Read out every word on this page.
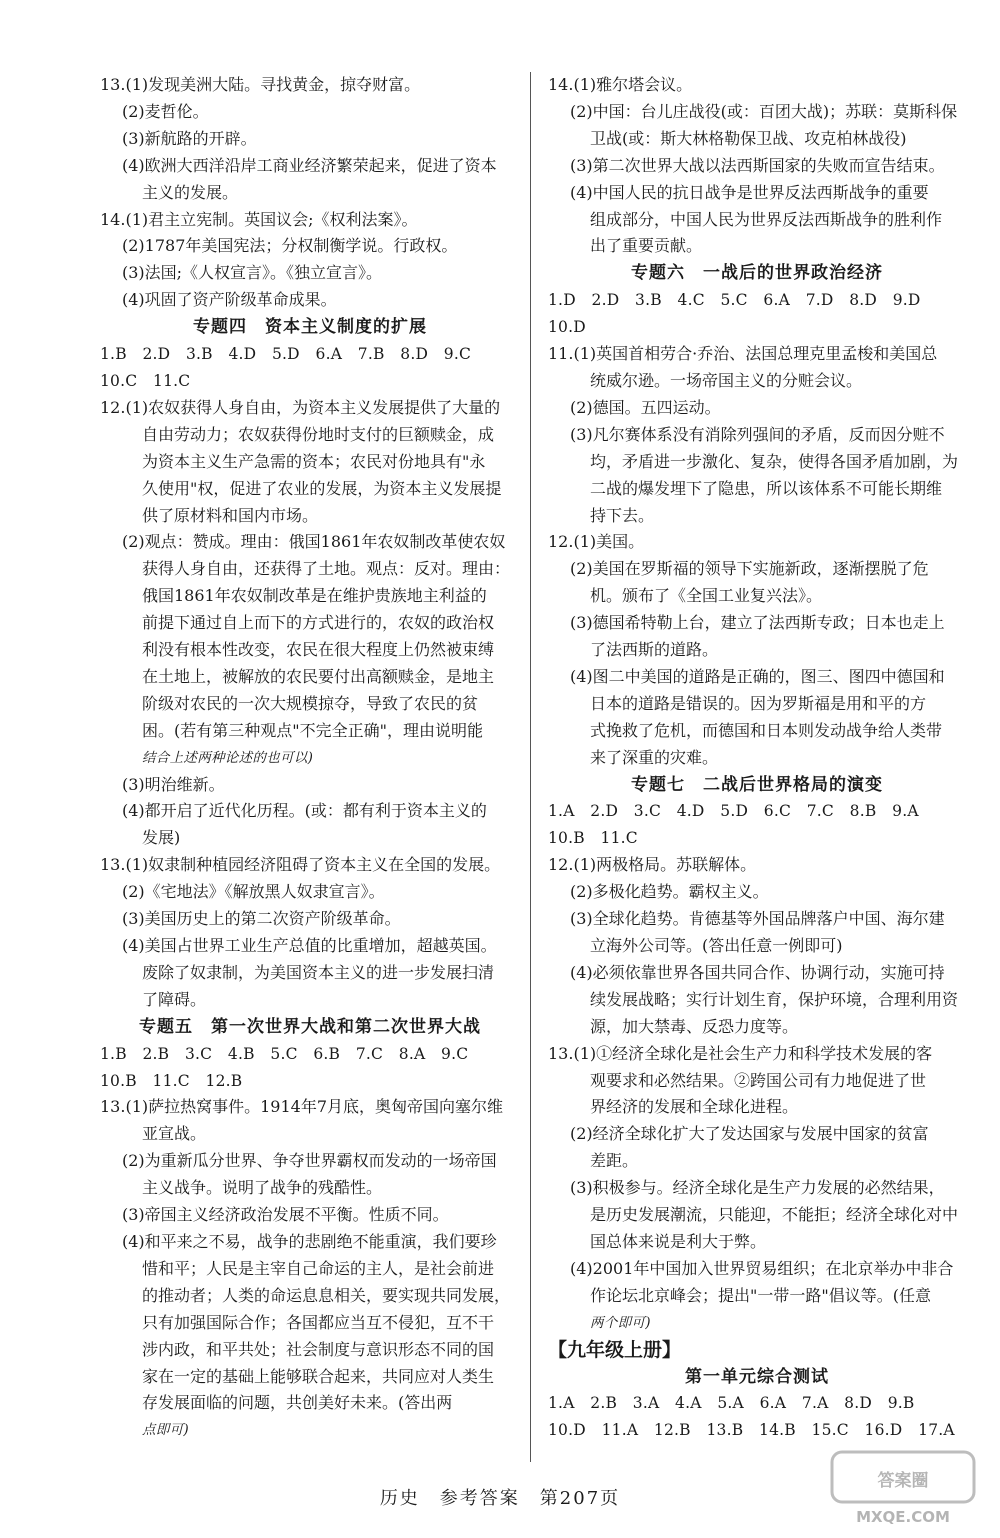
13.(1)发现美洲大陆。寻找黄金，掠夺财富。
(2)麦哲伦。
(3)新航路的开辟。
(4)欧洲大西洋沿岸工商业经济繁荣起来，促进了资本
主义的发展。
14.(1)君主立宪制。英国议会;《权利法案》。
(2)1787年美国宪法；分权制衡学说。行政权。
(3)法国;《人权宣言》。《独立宣言》。
(4)巩固了资产阶级革命成果。
专题四　资本主义制度的扩展
1.B　2.D　3.B　4.D　5.D　6.A　7.B　8.D　9.C
10.C　11.C
12.(1)农奴获得人身自由，为资本主义发展提供了大量的
自由劳动力；农奴获得份地时支付的巨额赎金，成
为资本主义生产急需的资本；农民对份地具有"永
久使用"权，促进了农业的发展，为资本主义发展提
供了原材料和国内市场。
(2)观点：赞成。理由：俄国1861年农奴制改革使农奴
获得人身自由，还获得了土地。观点：反对。理由：
俄国1861年农奴制改革是在维护贵族地主利益的
前提下通过自上而下的方式进行的，农奴的政治权
利没有根本性改变，农民在很大程度上仍然被束缚
在土地上，被解放的农民要付出高额赎金，是地主
阶级对农民的一次大规模掠夺，导致了农民的贫
困。(若有第三种观点"不完全正确"，理由说明能
结合上述两种论述的也可以)
(3)明治维新。
(4)都开启了近代化历程。(或：都有利于资本主义的
发展)
13.(1)奴隶制种植园经济阻碍了资本主义在全国的发展。
(2)《宅地法》《解放黑人奴隶宣言》。
(3)美国历史上的第二次资产阶级革命。
(4)美国占世界工业生产总值的比重增加，超越英国。
废除了奴隶制，为美国资本主义的进一步发展扫清
了障碍。
专题五　第一次世界大战和第二次世界大战
1.B　2.B　3.C　4.B　5.C　6.B　7.C　8.A　9.C
10.B　11.C　12.B
13.(1)萨拉热窝事件。1914年7月底，奥匈帝国向塞尔维
亚宣战。
(2)为重新瓜分世界、争夺世界霸权而发动的一场帝国
主义战争。说明了战争的残酷性。
(3)帝国主义经济政治发展不平衡。性质不同。
(4)和平来之不易，战争的悲剧绝不能重演，我们要珍
惜和平；人民是主宰自己命运的主人，是社会前进
的推动者；人类的命运息息相关，要实现共同发展，
只有加强国际合作；各国都应当互不侵犯，互不干
涉内政，和平共处；社会制度与意识形态不同的国
家在一定的基础上能够联合起来，共同应对人类生
存发展面临的问题，共创美好未来。(答出两
点即可)
14.(1)雅尔塔会议。
(2)中国：台儿庄战役(或：百团大战)；苏联：莫斯科保
卫战(或：斯大林格勒保卫战、攻克柏林战役)
(3)第二次世界大战以法西斯国家的失败而宣告结束。
(4)中国人民的抗日战争是世界反法西斯战争的重要
组成部分，中国人民为世界反法西斯战争的胜利作
出了重要贡献。
专题六　一战后的世界政治经济
1.D　2.D　3.B　4.C　5.C　6.A　7.D　8.D　9.D
10.D
11.(1)英国首相劳合·乔治、法国总理克里孟梭和美国总
统威尔逊。一场帝国主义的分赃会议。
(2)德国。五四运动。
(3)凡尔赛体系没有消除列强间的矛盾，反而因分赃不
均，矛盾进一步激化、复杂，使得各国矛盾加剧，为
二战的爆发埋下了隐患，所以该体系不可能长期维
持下去。
12.(1)美国。
(2)美国在罗斯福的领导下实施新政，逐渐摆脱了危
机。颁布了《全国工业复兴法》。
(3)德国希特勒上台，建立了法西斯专政；日本也走上
了法西斯的道路。
(4)图二中美国的道路是正确的，图三、图四中德国和
日本的道路是错误的。因为罗斯福是用和平的方
式挽救了危机，而德国和日本则发动战争给人类带
来了深重的灾难。
专题七　二战后世界格局的演变
1.A　2.D　3.C　4.D　5.D　6.C　7.C　8.B　9.A
10.B　11.C
12.(1)两极格局。苏联解体。
(2)多极化趋势。霸权主义。
(3)全球化趋势。肯德基等外国品牌落户中国、海尔建
立海外公司等。(答出任意一例即可)
(4)必须依靠世界各国共同合作、协调行动，实施可持
续发展战略；实行计划生育，保护环境，合理利用资
源，加大禁毒、反恐力度等。
13.(1)①经济全球化是社会生产力和科学技术发展的客
观要求和必然结果。②跨国公司有力地促进了世
界经济的发展和全球化进程。
(2)经济全球化扩大了发达国家与发展中国家的贫富
差距。
(3)积极参与。经济全球化是生产力发展的必然结果，
是历史发展潮流，只能迎，不能拒；经济全球化对中
国总体来说是利大于弊。
(4)2001年中国加入世界贸易组织；在北京举办中非合
作论坛北京峰会；提出"一带一路"倡议等。(任意
两个即可)
【九年级上册】
第一单元综合测试
1.A　2.B　3.A　4.A　5.A　6.A　7.A　8.D　9.B
10.D　11.A　12.B　13.B　14.B　15.C　16.D　17.A
历史　参考答案　第207页
答案圈
MXQE.COM
